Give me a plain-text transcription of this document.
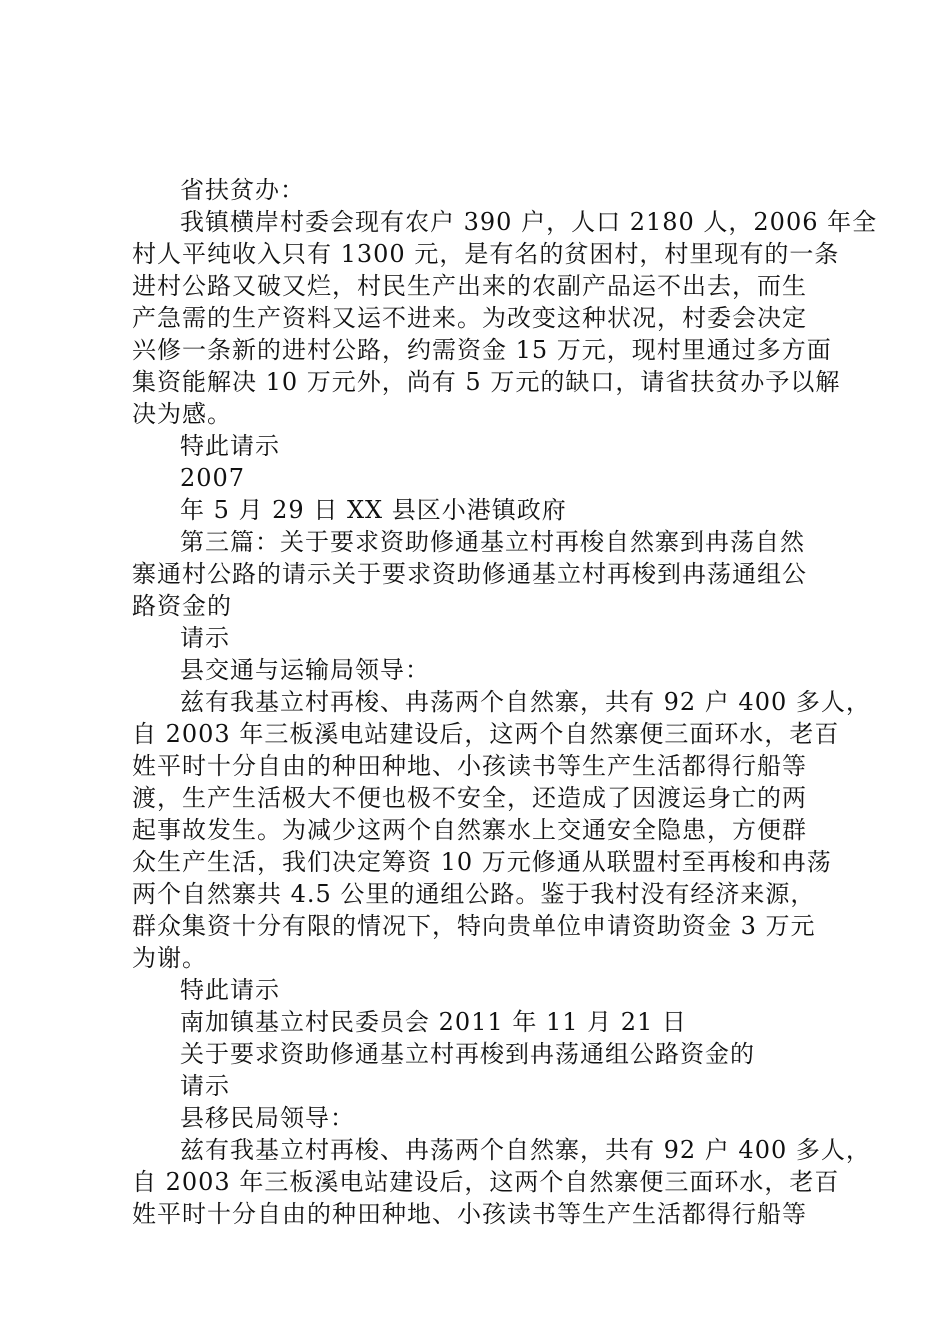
省扶贫办：
我镇横岸村委会现有农户 390 户，人口 2180 人，2006 年全
村人平纯收入只有 1300 元，是有名的贫困村，村里现有的一条
进村公路又破又烂，村民生产出来的农副产品运不出去，而生
产急需的生产资料又运不进来。为改变这种状况，村委会决定
兴修一条新的进村公路，约需资金 15 万元，现村里通过多方面
集资能解决 10 万元外，尚有 5 万元的缺口，请省扶贫办予以解
决为感。
特此请示
2007
年 5 月 29 日 XX 县区小港镇政府
第三篇：关于要求资助修通基立村再梭自然寨到冉荡自然
寨通村公路的请示关于要求资助修通基立村再梭到冉荡通组公
路资金的
请示
县交通与运输局领导：
兹有我基立村再梭、冉荡两个自然寨，共有 92 户 400 多人，
自 2003 年三板溪电站建设后，这两个自然寨便三面环水，老百
姓平时十分自由的种田种地、小孩读书等生产生活都得行船等
渡，生产生活极大不便也极不安全，还造成了因渡运身亡的两
起事故发生。为减少这两个自然寨水上交通安全隐患，方便群
众生产生活，我们决定筹资 10 万元修通从联盟村至再梭和冉荡
两个自然寨共 4.5 公里的通组公路。鉴于我村没有经济来源，
群众集资十分有限的情况下，特向贵单位申请资助资金 3 万元
为谢。
特此请示
南加镇基立村民委员会 2011 年 11 月 21 日
关于要求资助修通基立村再梭到冉荡通组公路资金的
请示
县移民局领导：
兹有我基立村再梭、冉荡两个自然寨，共有 92 户 400 多人，
自 2003 年三板溪电站建设后，这两个自然寨便三面环水，老百
姓平时十分自由的种田种地、小孩读书等生产生活都得行船等
